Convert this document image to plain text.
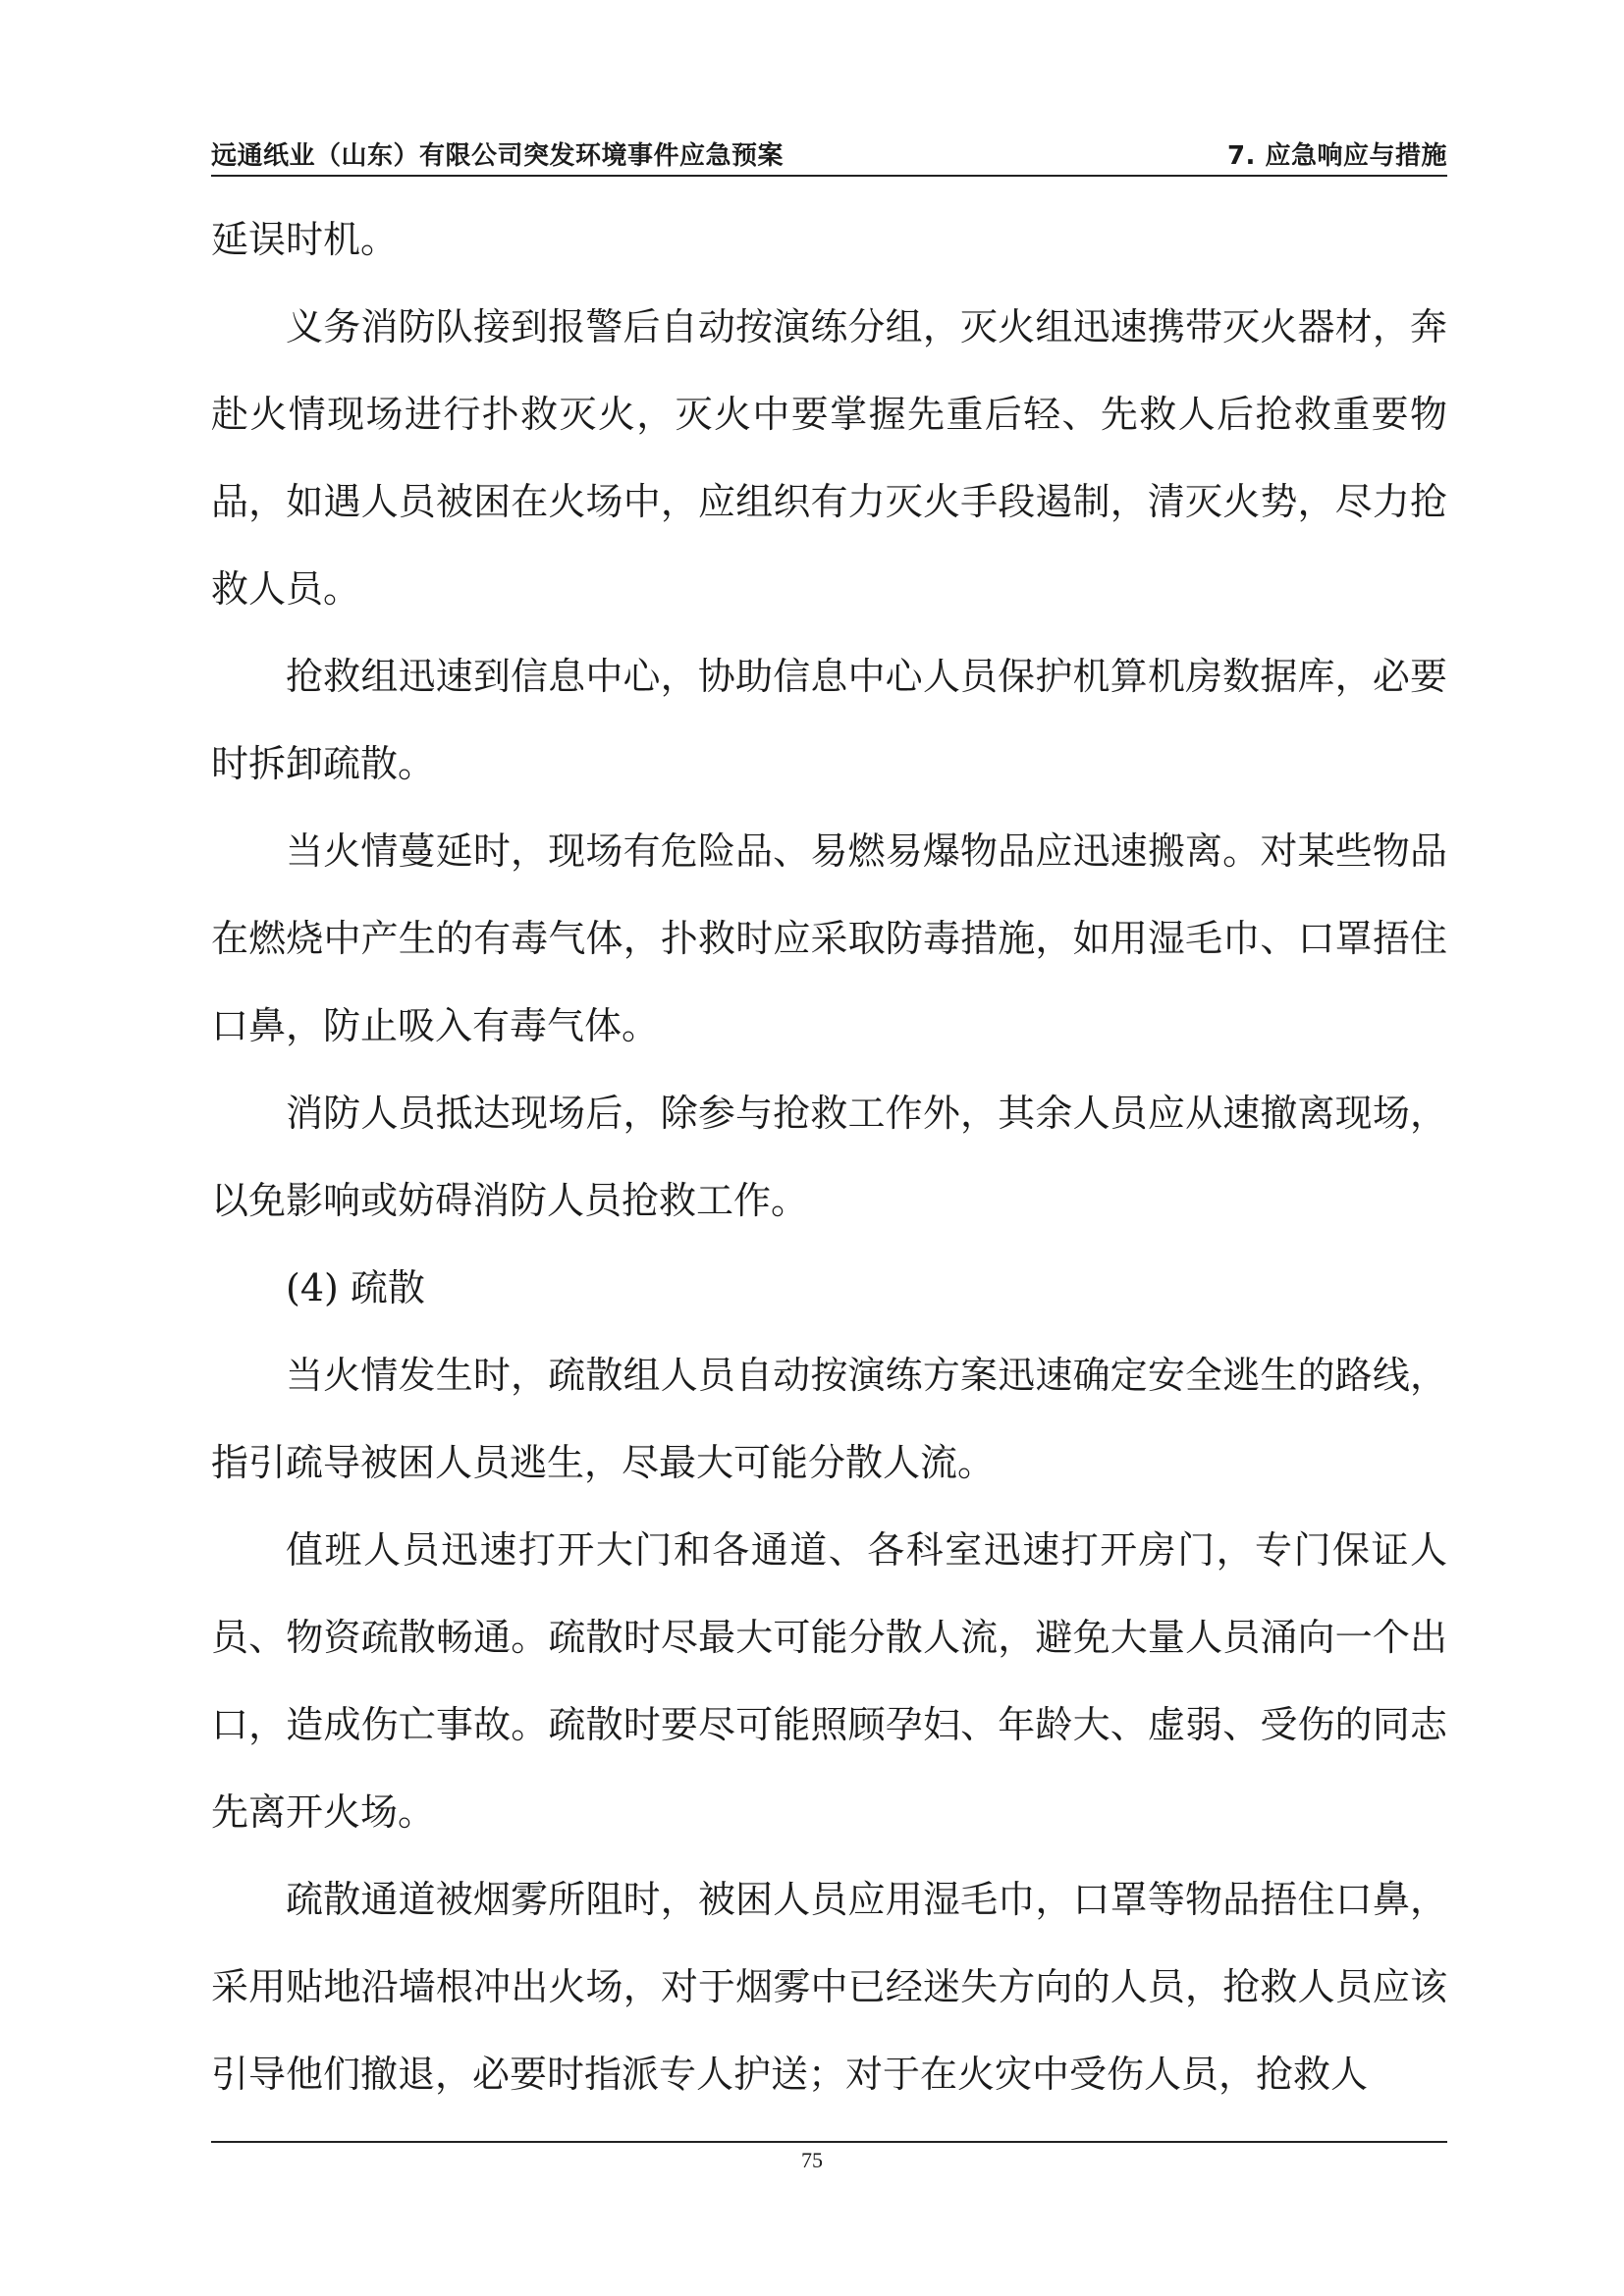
远通纸业（山东）有限公司突发环境事件应急预案	7. 应急响应与措施

延误时机。

义务消防队接到报警后自动按演练分组，灭火组迅速携带灭火器材，奔赴火情现场进行扑救灭火，灭火中要掌握先重后轻、先救人后抢救重要物品，如遇人员被困在火场中，应组织有力灭火手段遏制，清灭火势，尽力抢救人员。

抢救组迅速到信息中心，协助信息中心人员保护机算机房数据库，必要时拆卸疏散。

当火情蔓延时，现场有危险品、易燃易爆物品应迅速搬离。对某些物品在燃烧中产生的有毒气体，扑救时应采取防毒措施，如用湿毛巾、口罩捂住口鼻，防止吸入有毒气体。

消防人员抵达现场后，除参与抢救工作外，其余人员应从速撤离现场，以免影响或妨碍消防人员抢救工作。

(4) 疏散

当火情发生时，疏散组人员自动按演练方案迅速确定安全逃生的路线，指引疏导被困人员逃生，尽最大可能分散人流。

值班人员迅速打开大门和各通道、各科室迅速打开房门，专门保证人员、物资疏散畅通。疏散时尽最大可能分散人流，避免大量人员涌向一个出口，造成伤亡事故。疏散时要尽可能照顾孕妇、年龄大、虚弱、受伤的同志先离开火场。

疏散通道被烟雾所阻时，被困人员应用湿毛巾，口罩等物品捂住口鼻，采用贴地沿墙根冲出火场，对于烟雾中已经迷失方向的人员，抢救人员应该引导他们撤退，必要时指派专人护送；对于在火灾中受伤人员，抢救人

75
